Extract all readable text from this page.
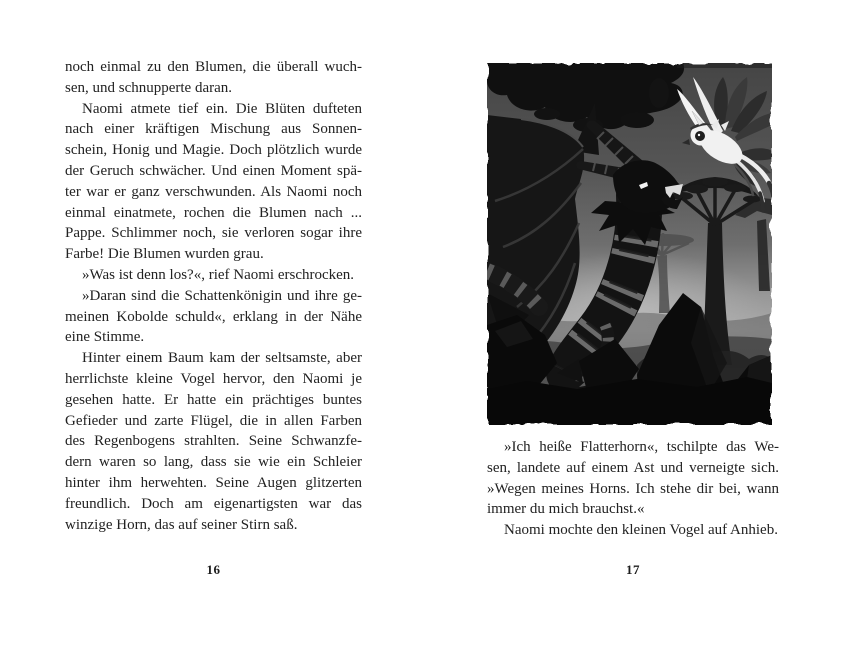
noch einmal zu den Blumen, die überall wuch-
sen, und schnupperte daran.
Naomi atmete tief ein. Die Blüten dufteten
nach einer kräftigen Mischung aus Sonnen-
schein, Honig und Magie. Doch plötzlich wurde
der Geruch schwächer. Und einen Moment spä-
ter war er ganz verschwunden. Als Naomi noch
einmal einatmete, rochen die Blumen nach ...
Pappe. Schlimmer noch, sie verloren sogar ihre
Farbe! Die Blumen wurden grau.
»Was ist denn los?«, rief Naomi erschrocken.
»Daran sind die Schattenkönigin und ihre ge-
meinen Kobolde schuld«, erklang in der Nähe
eine Stimme.
Hinter einem Baum kam der seltsamste, aber
herrlichste kleine Vogel hervor, den Naomi je
gesehen hatte. Er hatte ein prächtiges buntes
Gefieder und zarte Flügel, die in allen Farben
des Regenbogens strahlten. Seine Schwanzfe-
dern waren so lang, dass sie wie ein Schleier
hinter ihm herwehten. Seine Augen glitzerten
freundlich. Doch am eigenartigsten war das
winzige Horn, das auf seiner Stirn saß.
16
»Ich heiße Flatterhorn«, tschilpte das We-
sen, landete auf einem Ast und verneigte sich.
»Wegen meines Horns. Ich stehe dir bei, wann
immer du mich brauchst.«
Naomi mochte den kleinen Vogel auf Anhieb.
17
